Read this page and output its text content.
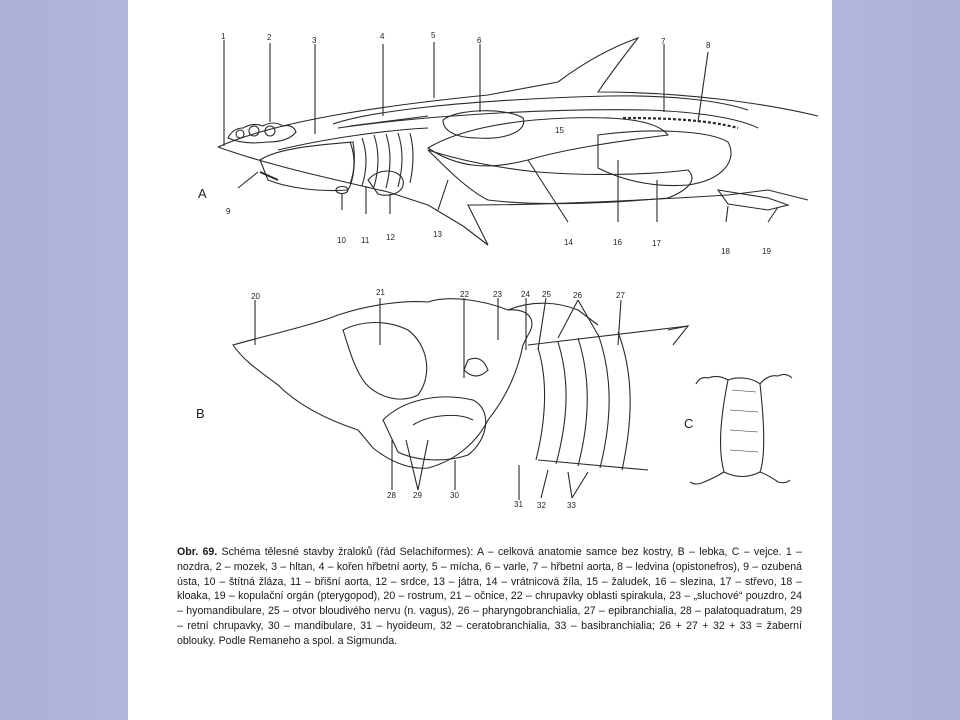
A
B
C
1	2	3	4	5
6	7	8
9
10 11 12	13
14
15
16	17
18	19
20	21	22	23 24 25	26	27
28 29	30
31 32	33
Obr. 69. Schéma tělesné stavby žraloků (řád Selachiformes): A – celková anatomie samce bez kostry, B – lebka, C – vejce. 1 – nozdra, 2 – mozek, 3 – hltan, 4 – kořen hřbetní aorty, 5 – mícha, 6 – varle, 7 – hřbetní aorta, 8 – ledvina (opistonefros), 9 – ozubená ústa, 10 – štítná žláza, 11 – břišní aorta, 12 – srdce, 13 – játra, 14 – vrátnicová žíla, 15 – žaludek, 16 – slezina, 17 – střevo, 18 – kloaka, 19 – kopulační orgán (pterygopod), 20 – rostrum, 21 – očnice, 22 – chrupavky oblasti spirakula, 23 – „sluchové“ pouzdro, 24 – hyomandibulare, 25 – otvor bloudivého nervu (n. vagus), 26 – pharyngobranchialia, 27 – epibranchialia, 28 – palatoquadratum, 29 – retní chrupavky, 30 – mandibulare, 31 – hyoideum, 32 – ceratobranchialia, 33 – basibranchialia; 26 + 27 + 32 + 33 = žaberní oblouky. Podle Remaneho a spol. a Sigmunda.
